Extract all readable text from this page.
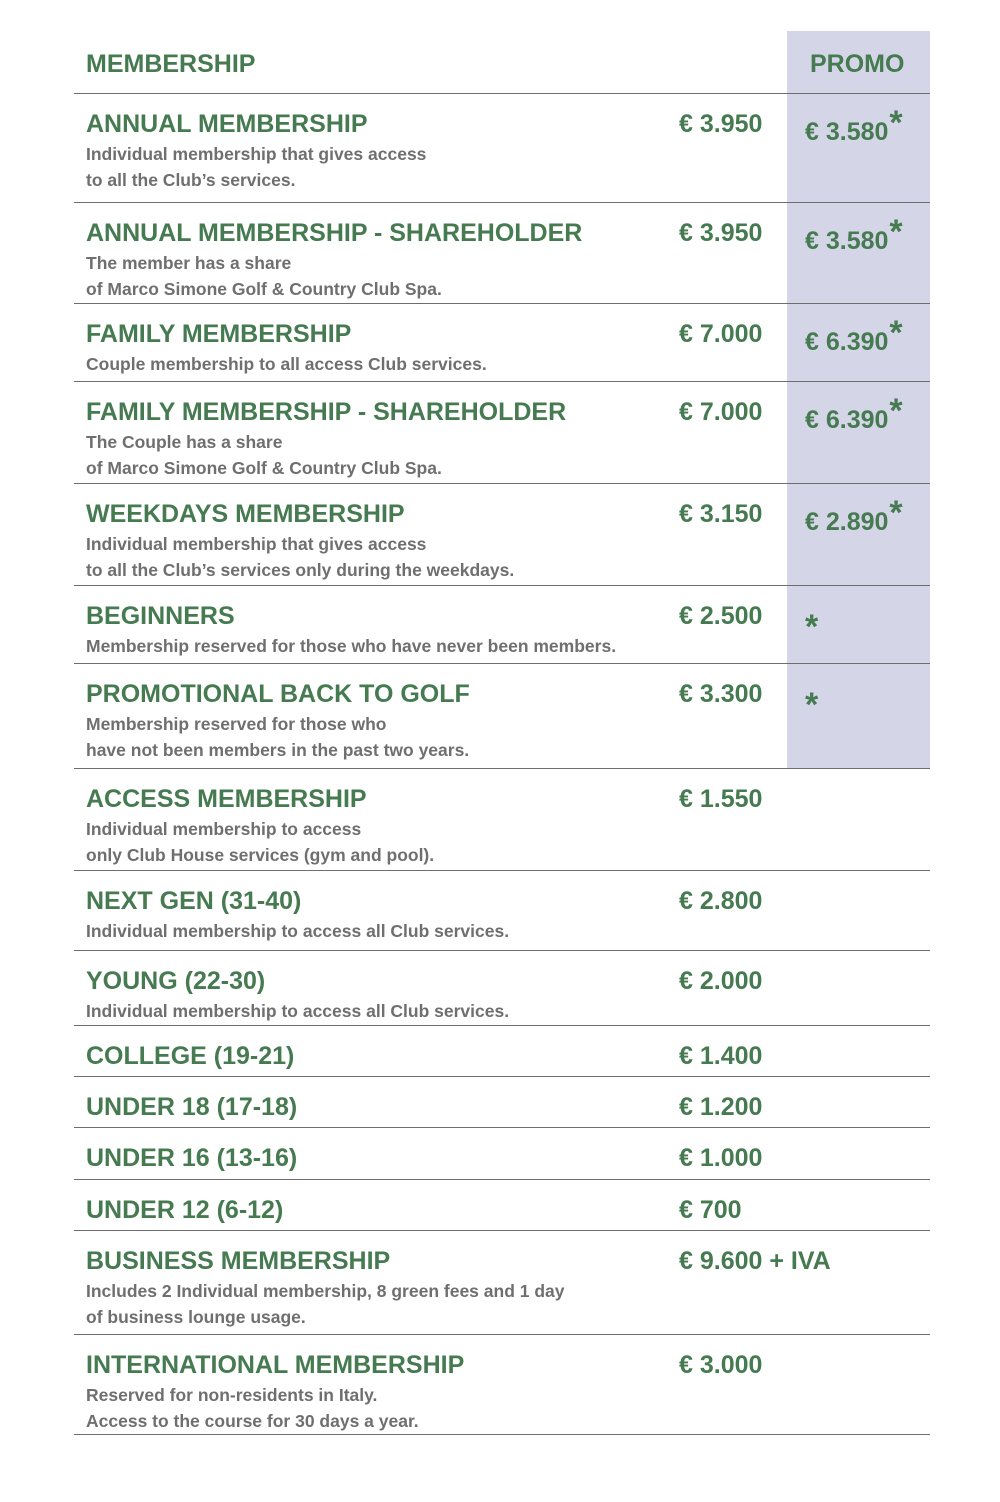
MEMBERSHIP	PROMO
ANNUAL MEMBERSHIP
Individual membership that gives access
to all the Club’s services.
€ 3.950 € 3.580*
ANNUAL MEMBERSHIP - SHAREHOLDER
The member has a share
of Marco Simone Golf & Country Club Spa.
€ 3.950 € 3.580*
FAMILY MEMBERSHIP
Couple membership to all access Club services.
€ 7.000 € 6.390*
FAMILY MEMBERSHIP - SHAREHOLDER
The Couple has a share
of Marco Simone Golf & Country Club Spa.
€ 7.000 € 6.390*
WEEKDAYS MEMBERSHIP
Individual membership that gives access
to all the Club’s services only during the weekdays.
€ 3.150 € 2.890*
BEGINNERS
Membership reserved for those who have never been members.
€ 2.500 *
PROMOTIONAL BACK TO GOLF
Membership reserved for those who
have not been members in the past two years.
€ 3.300 *
ACCESS MEMBERSHIP
Individual membership to access
only Club House services (gym and pool).
€ 1.550
NEXT GEN (31-40)
Individual membership to access all Club services.
€ 2.800
YOUNG (22-30)
Individual membership to access all Club services.
€ 2.000
COLLEGE (19-21)	€ 1.400
UNDER 18 (17-18)	€ 1.200
UNDER 16 (13-16)	€ 1.000
UNDER 12 (6-12)	€ 700
BUSINESS MEMBERSHIP
Includes 2 Individual membership, 8 green fees and 1 day
of business lounge usage.
€ 9.600 + IVA
INTERNATIONAL MEMBERSHIP
Reserved for non-residents in Italy.
Access to the course for 30 days a year.
€ 3.000
